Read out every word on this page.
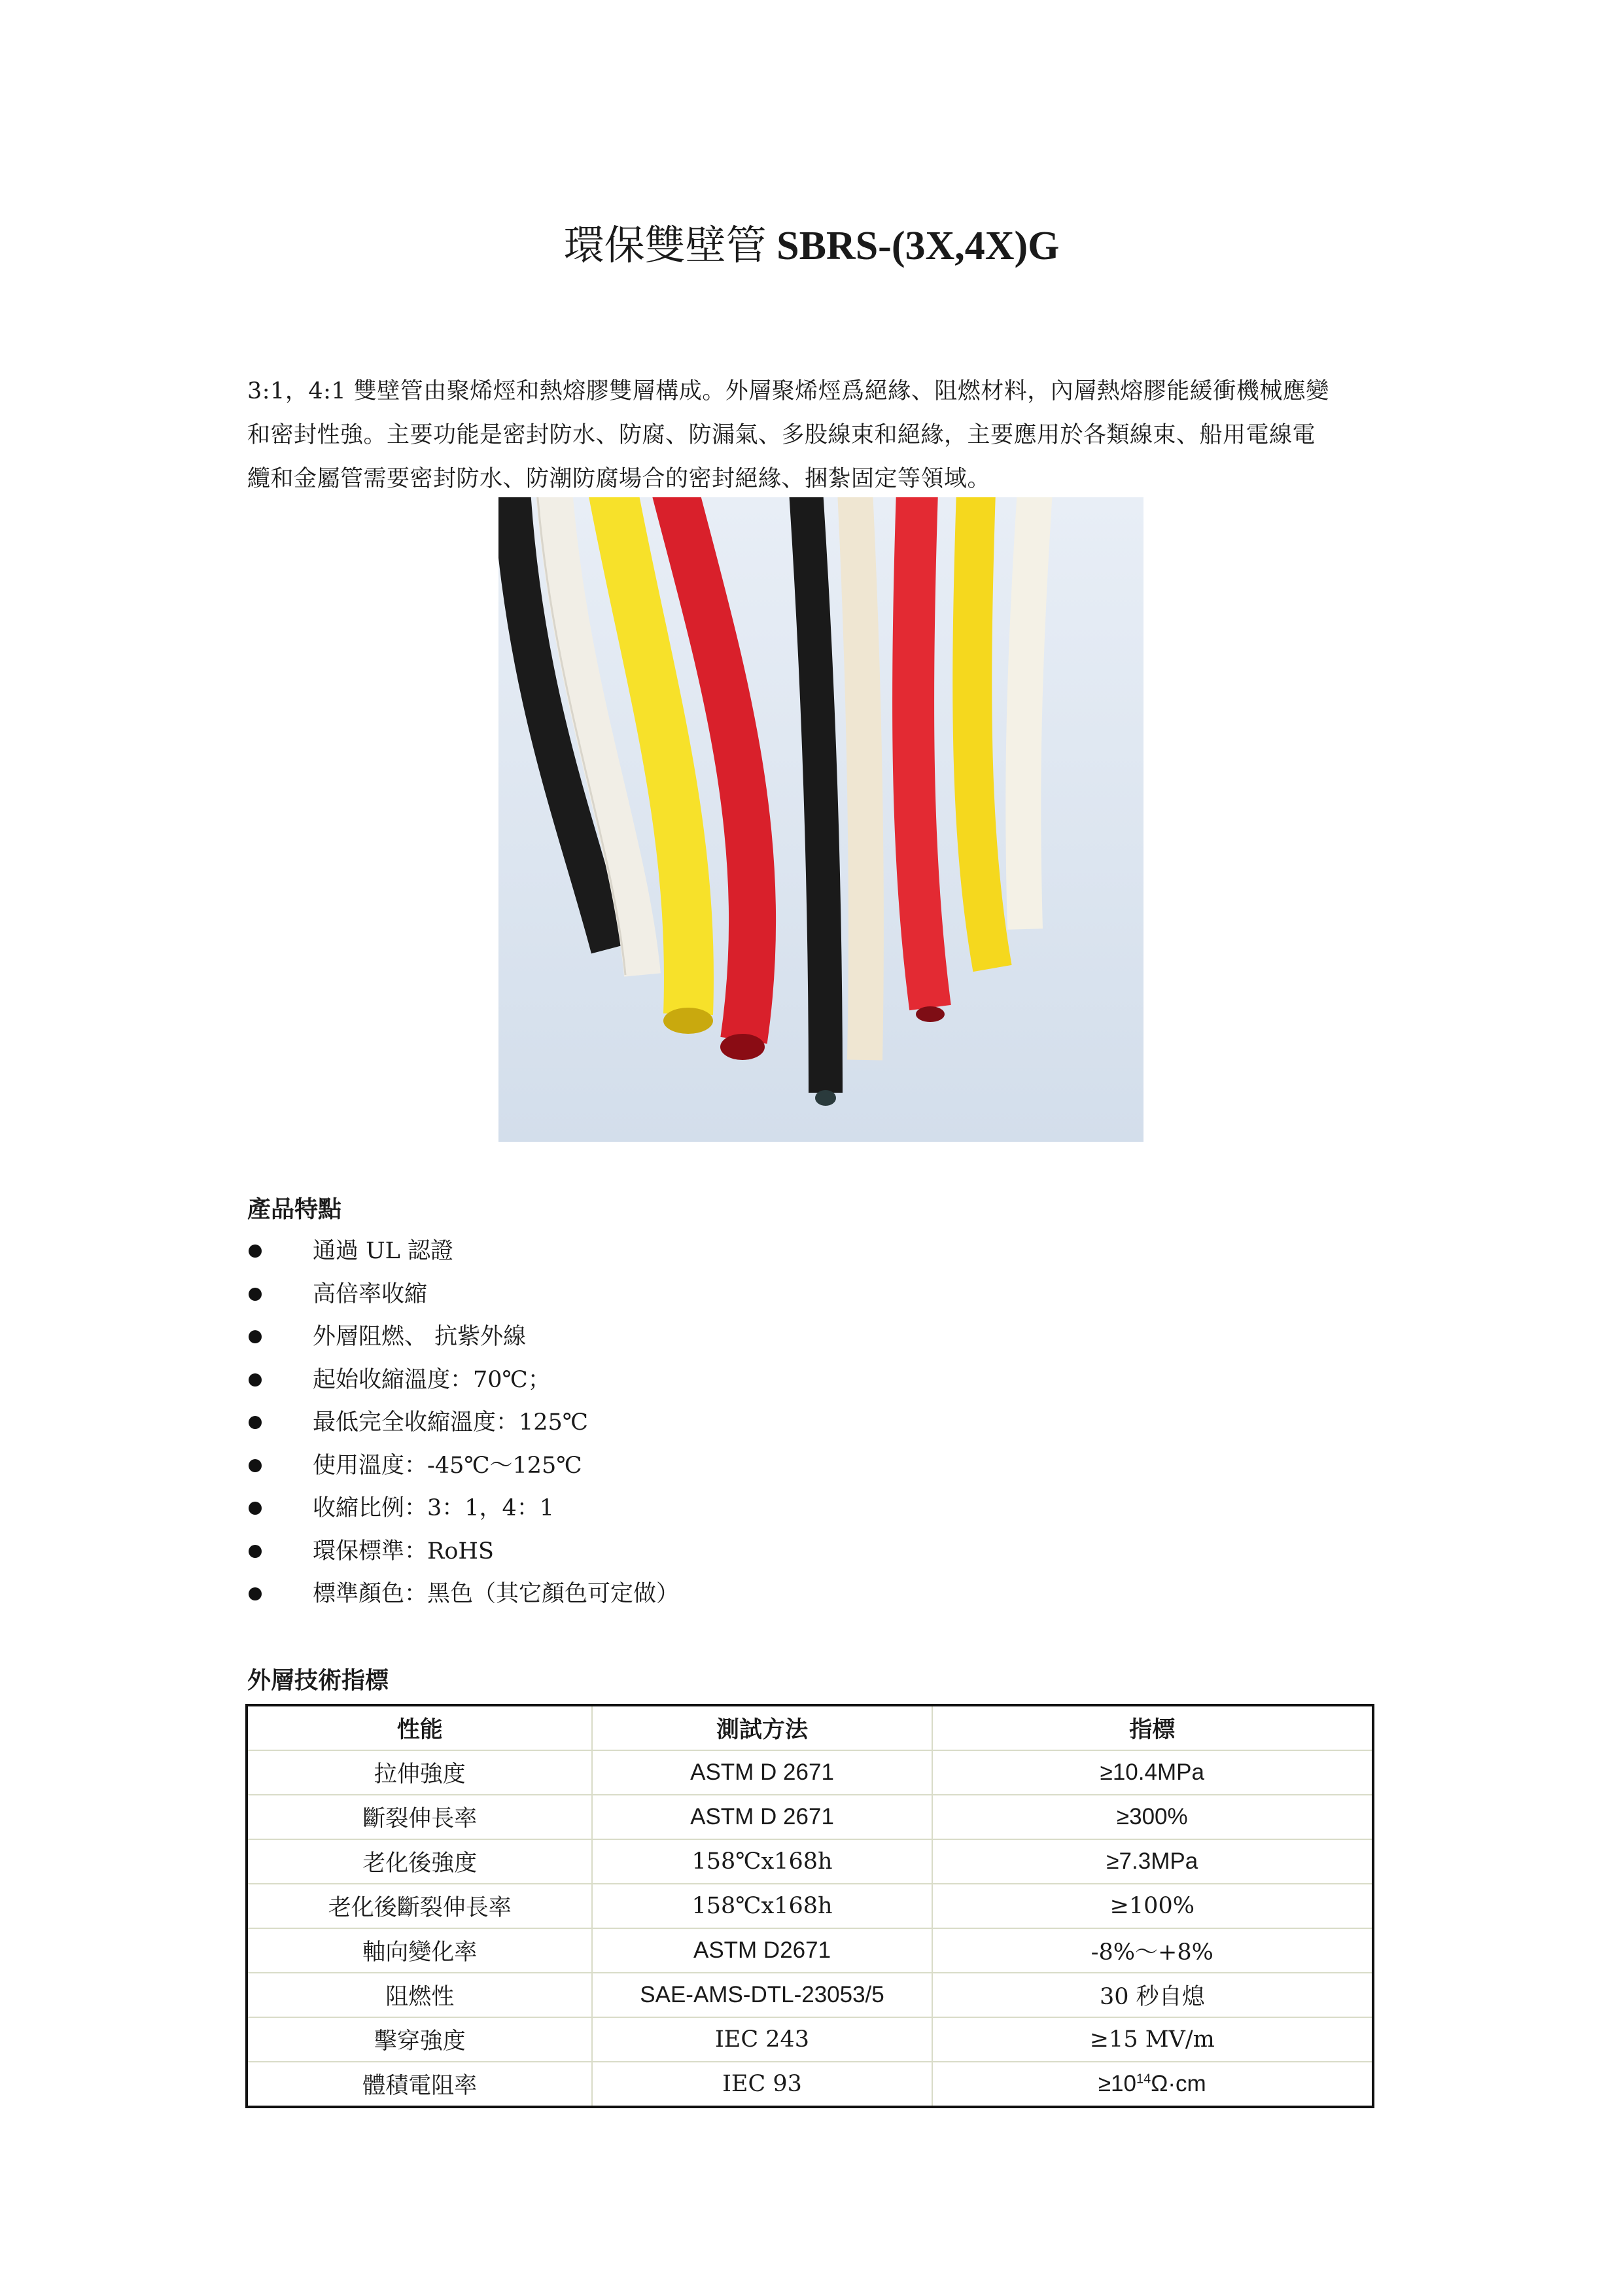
環保雙壁管 SBRS-(3X,4X)G
3:1，4:1 雙壁管由聚烯烴和熱熔膠雙層構成。外層聚烯烴爲絕緣、阻燃材料，內層熱熔膠能緩衝機械應變
和密封性強。主要功能是密封防水、防腐、防漏氣、多股線束和絕緣，主要應用於各類線束、船用電線電
纜和金屬管需要密封防水、防潮防腐場合的密封絕緣、捆紮固定等領域。
產品特點
通過 UL 認證
高倍率收縮
外層阻燃、 抗紫外線
起始收縮溫度：70℃；
最低完全收縮溫度：125℃
使用溫度：-45℃～125℃
收縮比例：3：1，4：1
環保標準：RoHS
標準顏色：黑色（其它顏色可定做）
外層技術指標
性能	測試方法	指標
拉伸強度	ASTM D 2671	≥10.4MPa
斷裂伸長率	ASTM D 2671	≥300%
老化後強度	158℃x168h	≥7.3MPa
老化後斷裂伸長率	158℃x168h	≥100%
軸向變化率	ASTM D2671	-8%～+8%
阻燃性	SAE-AMS-DTL-23053/5	30 秒自熄
擊穿強度	IEC 243	≥15 MV/m
體積電阻率	IEC 93	$\ge 10^{14}\Omega\cdot cm$
